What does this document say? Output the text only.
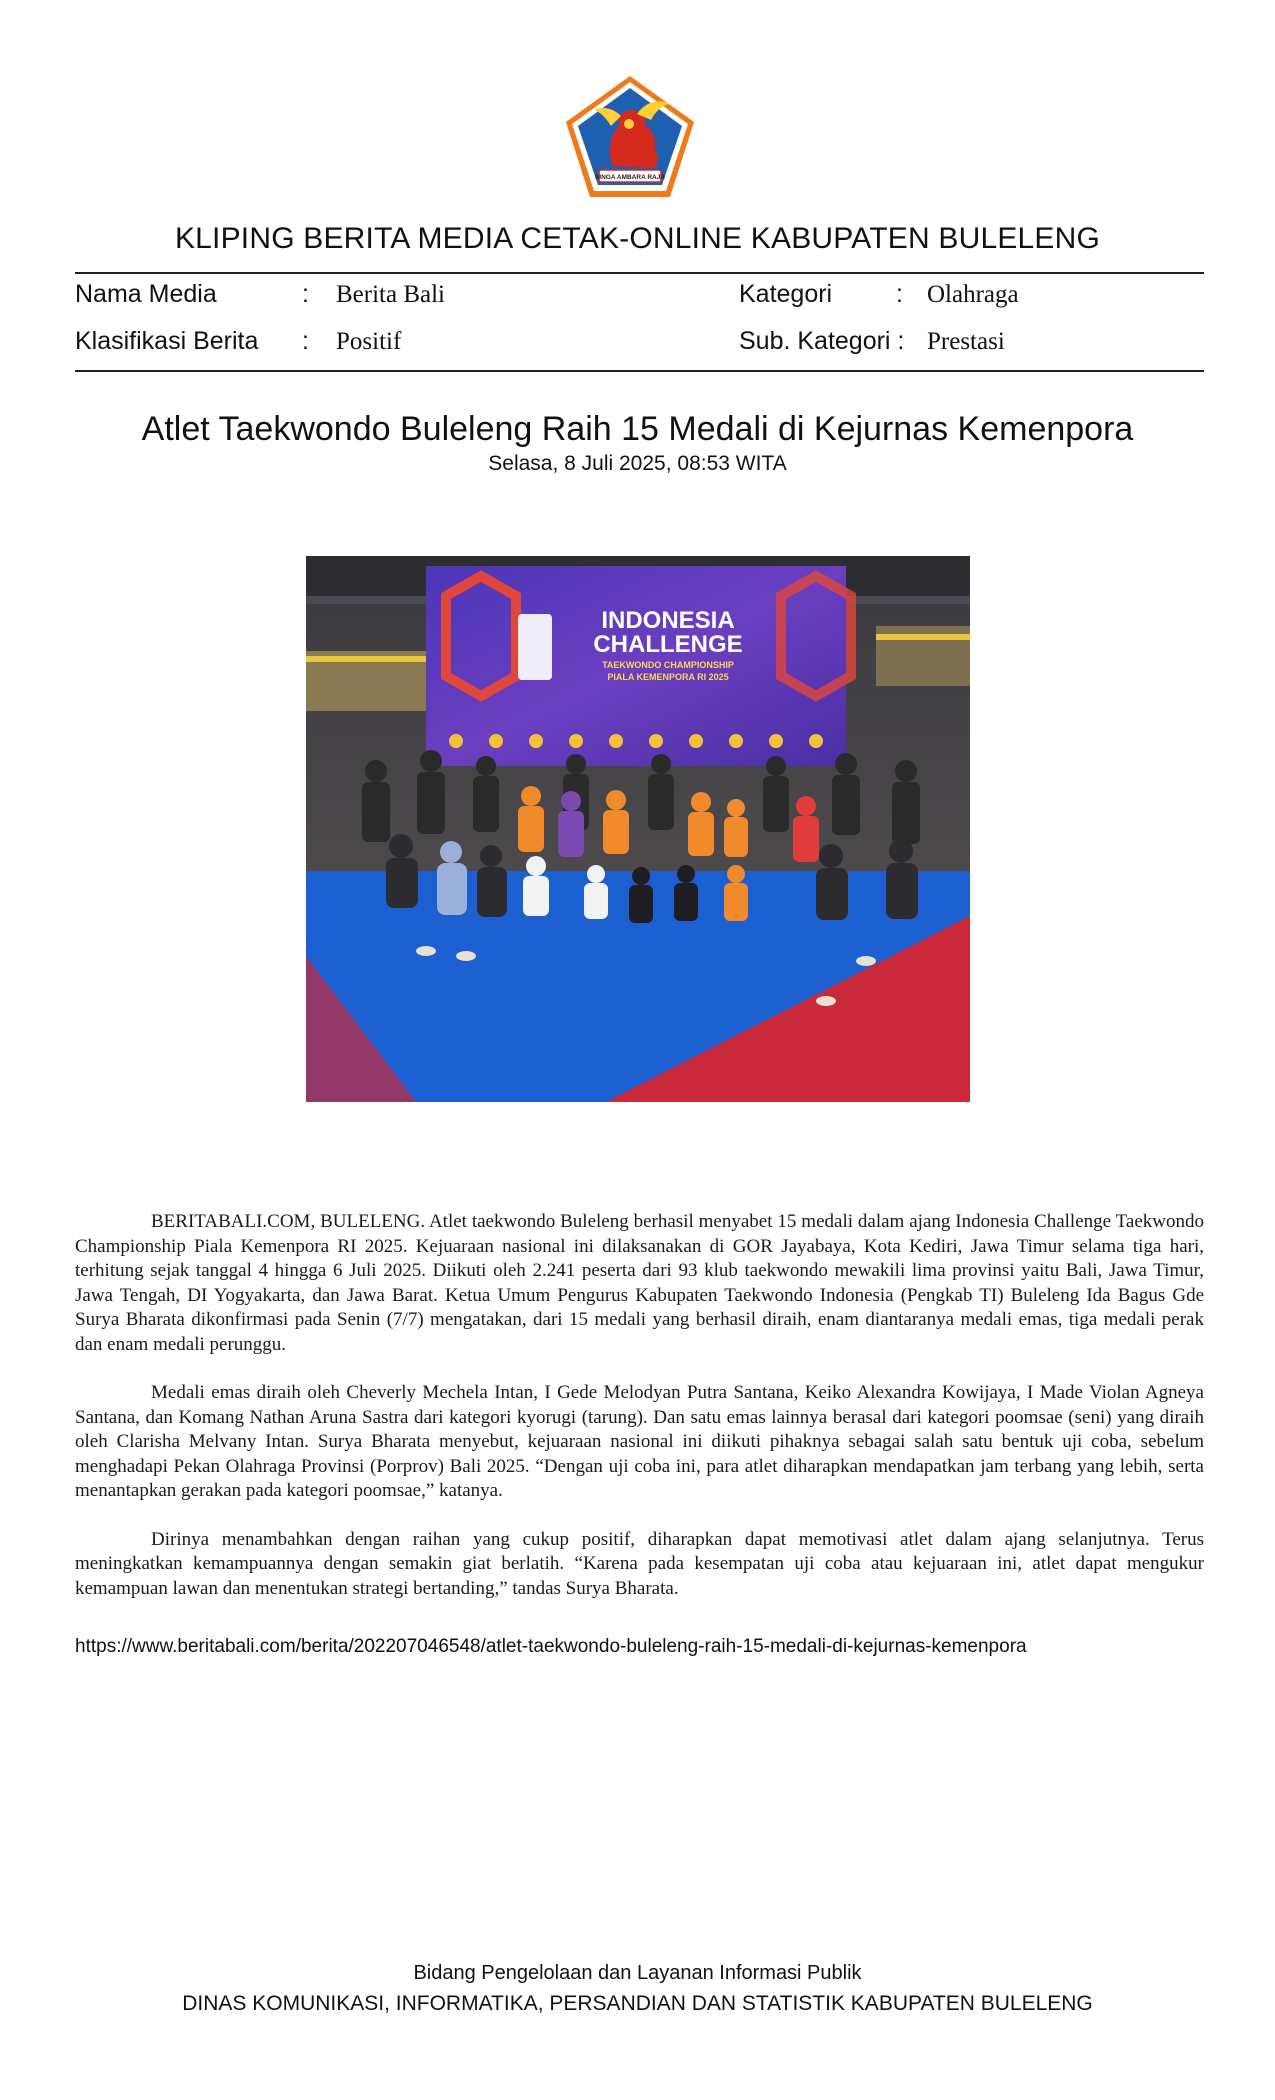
SINGA AMBARA RAJA
KLIPING BERITA MEDIA CETAK-ONLINE KABUPATEN BULELENG
Nama Media	: Berita Bali	Kategori	: Olahraga
Klasifikasi Berita : Positif	Sub. Kategori : Prestasi
Atlet Taekwondo Buleleng Raih 15 Medali di Kejurnas Kemenpora
Selasa, 8 Juli 2025, 08:53 WITA
INDONESIA
CHALLENGE
TAEKWONDO CHAMPIONSHIP
PIALA KEMENPORA RI 2025

BERITABALI.COM, BULELENG. Atlet taekwondo Buleleng berhasil menyabet 15 medali dalam ajang Indonesia Challenge Taekwondo Championship Piala Kemenpora RI 2025. Kejuaraan nasional ini dilaksanakan di GOR Jayabaya, Kota Kediri, Jawa Timur selama tiga hari, terhitung sejak tanggal 4 hingga 6 Juli 2025. Diikuti oleh 2.241 peserta dari 93 klub taekwondo mewakili lima provinsi yaitu Bali, Jawa Timur, Jawa Tengah, DI Yogyakarta, dan Jawa Barat. Ketua Umum Pengurus Kabupaten Taekwondo Indonesia (Pengkab TI) Buleleng Ida Bagus Gde Surya Bharata dikonfirmasi pada Senin (7/7) mengatakan, dari 15 medali yang berhasil diraih, enam diantaranya medali emas, tiga medali perak dan enam medali perunggu.

Medali emas diraih oleh Cheverly Mechela Intan, I Gede Melodyan Putra Santana, Keiko Alexandra Kowijaya, I Made Violan Agneya Santana, dan Komang Nathan Aruna Sastra dari kategori kyorugi (tarung). Dan satu emas lainnya berasal dari kategori poomsae (seni) yang diraih oleh Clarisha Melvany Intan. Surya Bharata menyebut, kejuaraan nasional ini diikuti pihaknya sebagai salah satu bentuk uji coba, sebelum menghadapi Pekan Olahraga Provinsi (Porprov) Bali 2025. “Dengan uji coba ini, para atlet diharapkan mendapatkan jam terbang yang lebih, serta menantapkan gerakan pada kategori poomsae,” katanya.

Dirinya menambahkan dengan raihan yang cukup positif, diharapkan dapat memotivasi atlet dalam ajang selanjutnya. Terus meningkatkan kemampuannya dengan semakin giat berlatih. “Karena pada kesempatan uji coba atau kejuaraan ini, atlet dapat mengukur kemampuan lawan dan menentukan strategi bertanding,” tandas Surya Bharata.

https://www.beritabali.com/berita/202207046548/atlet-taekwondo-buleleng-raih-15-medali-di-kejurnas-kemenpora
Bidang Pengelolaan dan Layanan Informasi Publik
DINAS KOMUNIKASI, INFORMATIKA, PERSANDIAN DAN STATISTIK KABUPATEN BULELENG
